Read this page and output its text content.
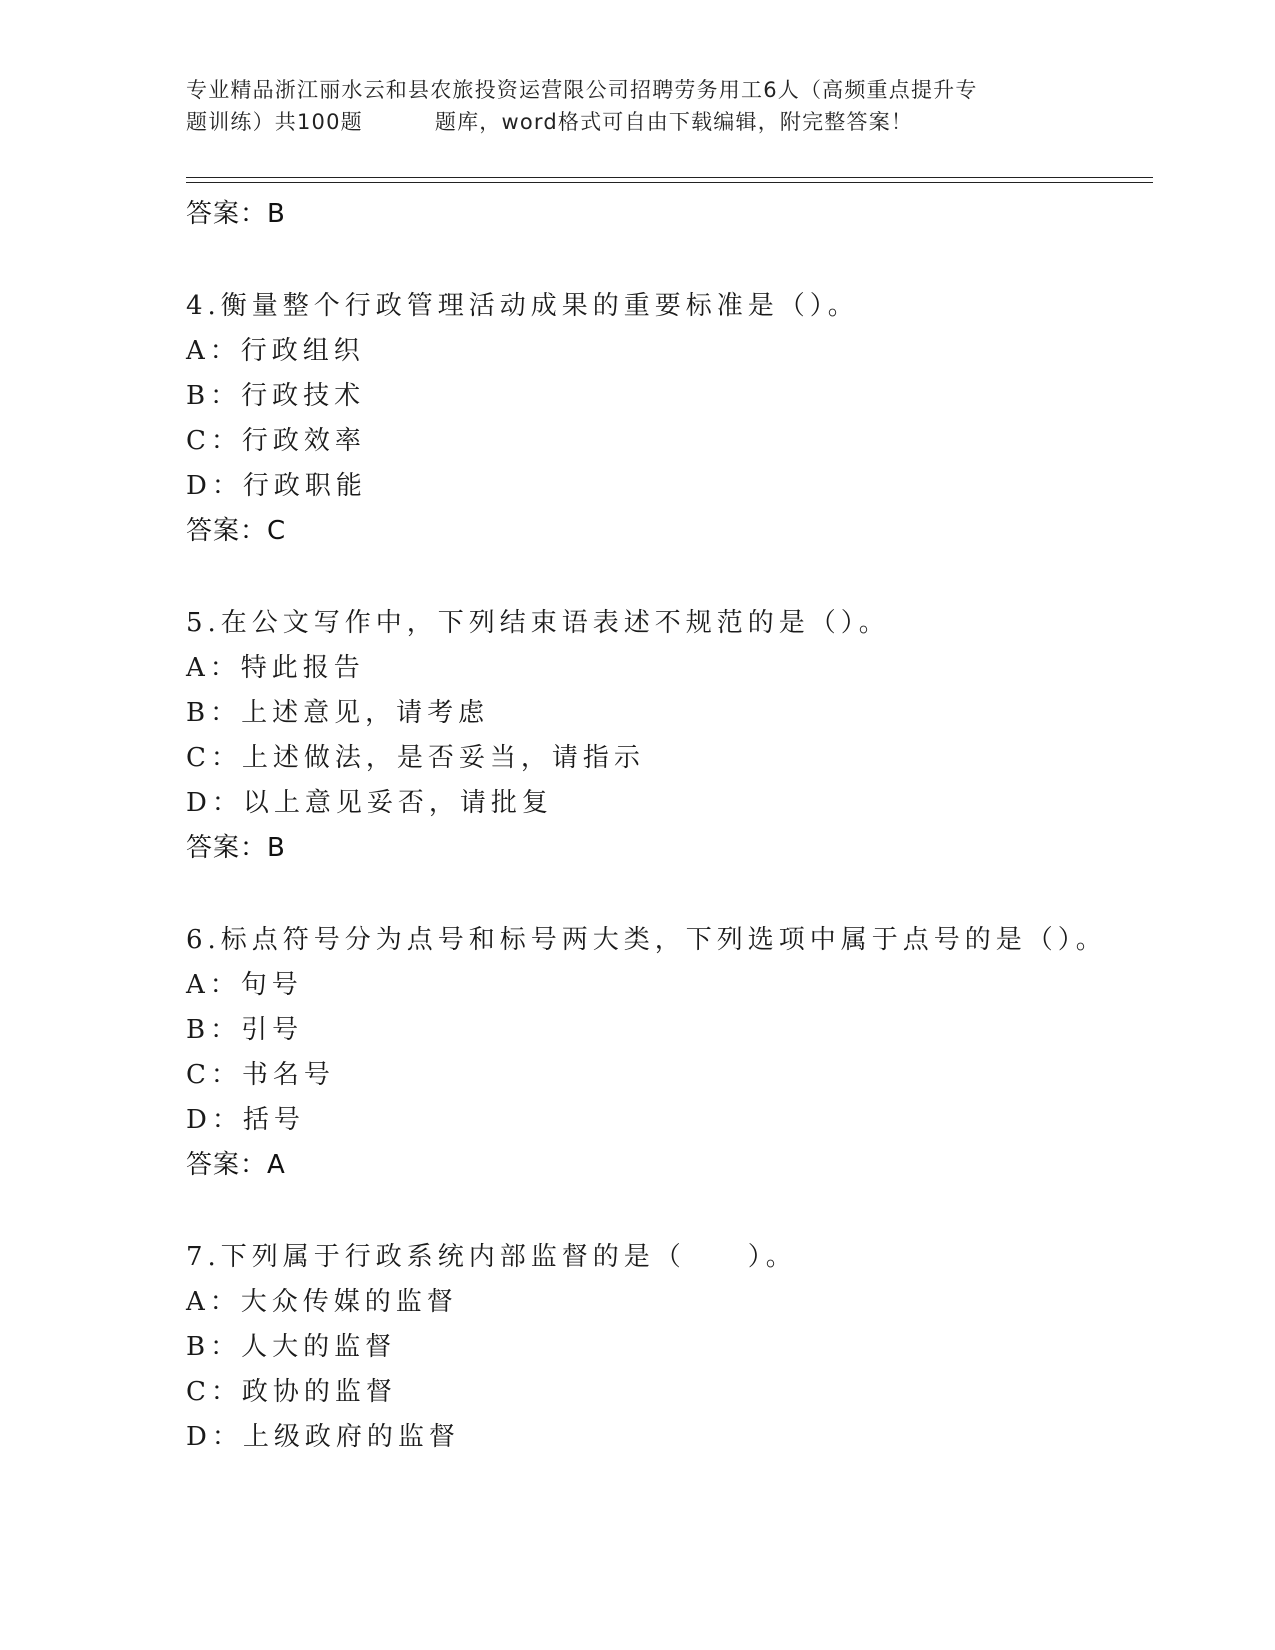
专业精品浙江丽水云和县农旅投资运营限公司招聘劳务用工6人（高频重点提升专
题训练）共100题	题库，word格式可自由下载编辑，附完整答案！
答案：B
4.衡量整个行政管理活动成果的重要标准是（）。
A：行政组织
B：行政技术
C：行政效率
D：行政职能
答案：C
5.在公文写作中，下列结束语表述不规范的是（）。
A：特此报告
B：上述意见，请考虑
C：上述做法，是否妥当，请指示
D：以上意见妥否，请批复
答案：B
6.标点符号分为点号和标号两大类，下列选项中属于点号的是（）。
A：句号
B：引号
C：书名号
D：括号
答案：A
7.下列属于行政系统内部监督的是（　　）。
A：大众传媒的监督
B：人大的监督
C：政协的监督
D：上级政府的监督
